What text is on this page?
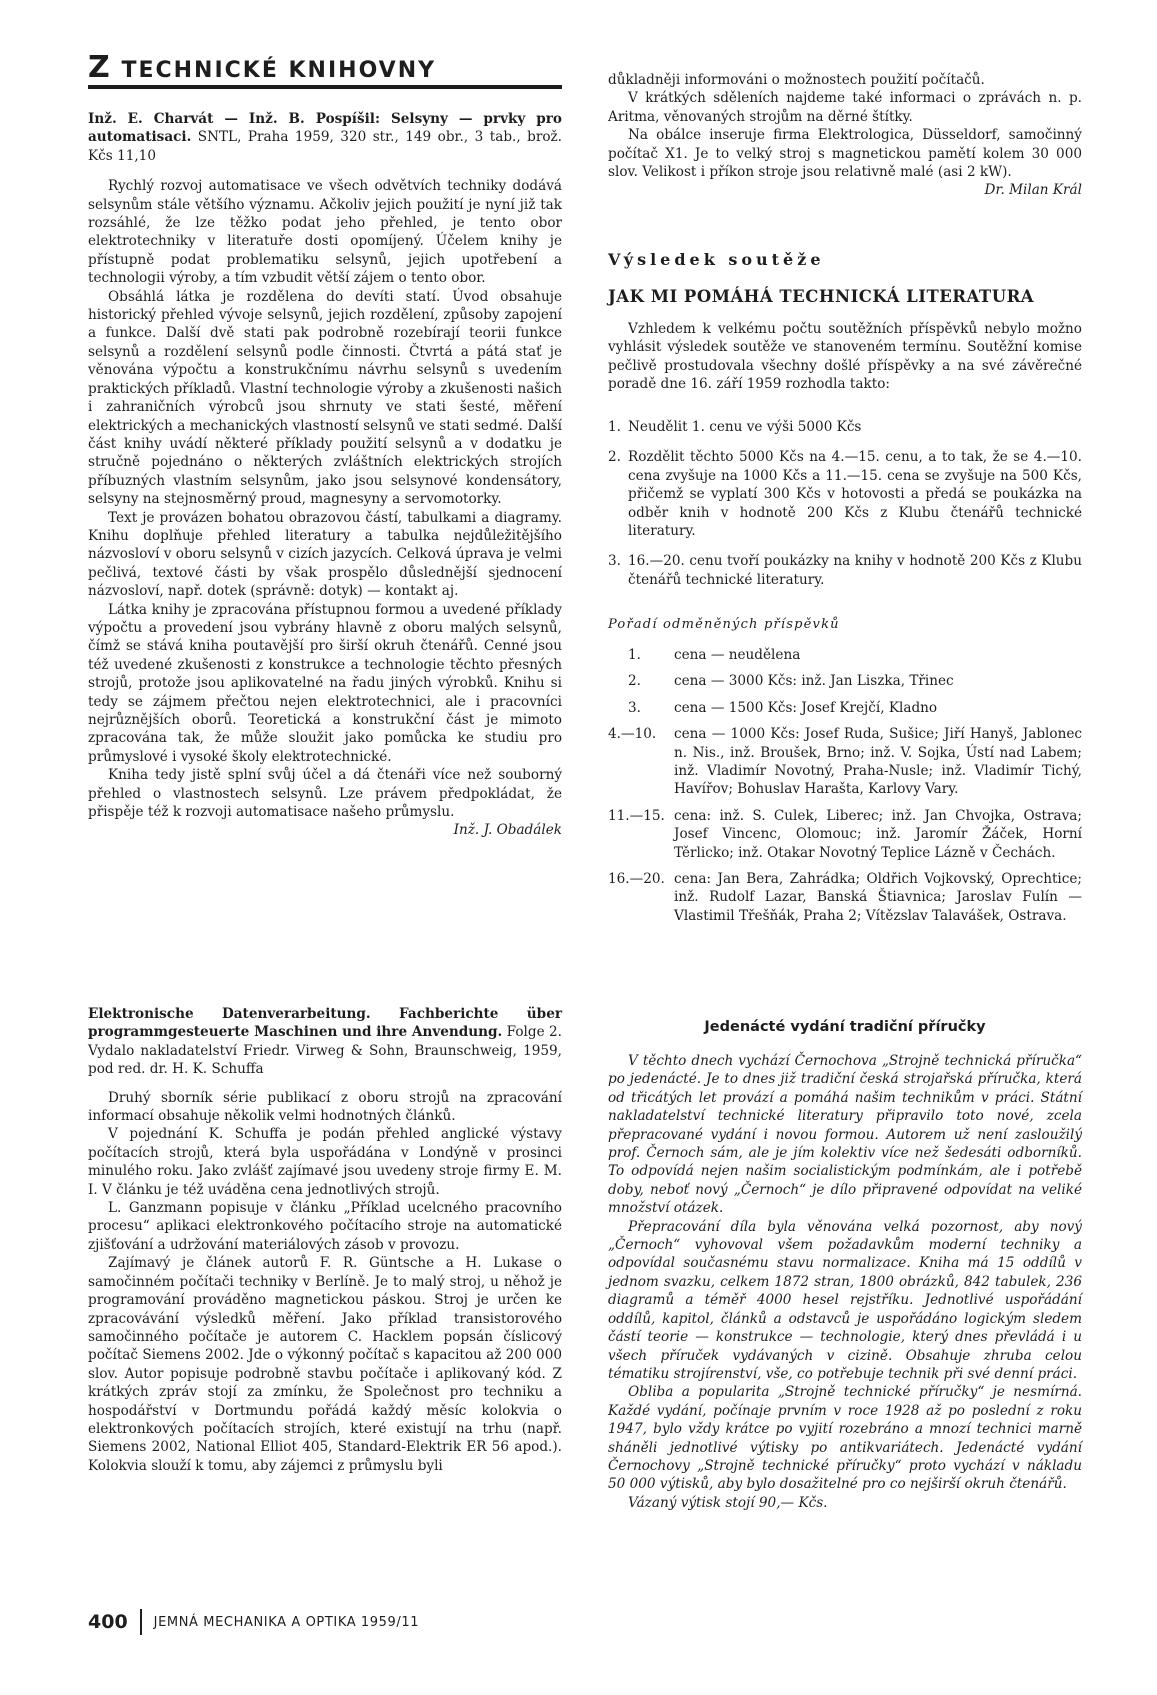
Z TECHNICKÉ KNIHOVNY

Inž. E. Charvát — Inž. B. Pospíšil: Selsyny — prvky pro automatisaci. SNTL, Praha 1959, 320 str., 149 obr., 3 tab., brož. Kčs 11,10

Rychlý rozvoj automatisace ve všech odvětvích techniky dodává selsynům stále většího významu. Ačkoliv jejich použití je nyní již tak rozsáhlé, že lze těžko podat jeho přehled, je tento obor elektrotechniky v literatuře dosti opomíjený. Účelem knihy je přístupně podat problematiku selsynů, jejich upotřebení a technologii výroby, a tím vzbudit větší zájem o tento obor.

Obsáhlá látka je rozdělena do devíti statí. Úvod obsahuje historický přehled vývoje selsynů, jejich rozdělení, způsoby zapojení a funkce. Další dvě stati pak podrobně rozebírají teorii funkce selsynů a rozdělení selsynů podle činnosti. Čtvrtá a pátá stať je věnována výpočtu a konstrukčnímu návrhu selsynů s uvedením praktických příkladů. Vlastní technologie výroby a zkušenosti našich i zahraničních výrobců jsou shrnuty ve stati šesté, měření elektrických a mechanických vlastností selsynů ve stati sedmé. Další část knihy uvádí některé příklady použití selsynů a v dodatku je stručně pojednáno o některých zvláštních elektrických strojích příbuzných vlastním selsynům, jako jsou selsynové kondensátory, selsyny na stejnosměrný proud, magnesyny a servomotorky.

Text je provázen bohatou obrazovou částí, tabulkami a diagramy. Knihu doplňuje přehled literatury a tabulka nejdůležitějšího názvosloví v oboru selsynů v cizích jazycích. Celková úprava je velmi pečlivá, textové části by však prospělo důslednější sjednocení názvosloví, např. dotek (správně: dotyk) — kontakt aj.

Látka knihy je zpracována přístupnou formou a uvedené příklady výpočtu a provedení jsou vybrány hlavně z oboru malých selsynů, čímž se stává kniha poutavější pro širší okruh čtenářů. Cenné jsou též uvedené zkušenosti z konstrukce a technologie těchto přesných strojů, protože jsou aplikovatelné na řadu jiných výrobků. Knihu si tedy se zájmem přečtou nejen elektrotechnici, ale i pracovníci nejrůznějších oborů. Teoretická a konstrukční část je mimoto zpracována tak, že může sloužit jako pomůcka ke studiu pro průmyslové i vysoké školy elektrotechnické.

Kniha tedy jistě splní svůj účel a dá čtenáři více než souborný přehled o vlastnostech selsynů. Lze právem předpokládat, že přispěje též k rozvoji automatisace našeho průmyslu.

Inž. J. Obadálek

Elektronische Datenverarbeitung. Fachberichte über programmgesteuerte Maschinen und ihre Anvendung. Folge 2. Vydalo nakladatelství Friedr. Virweg & Sohn, Braunschweig, 1959, pod red. dr. H. K. Schuffa

Druhý sborník série publikací z oboru strojů na zpracování informací obsahuje několik velmi hodnotných článků.

V pojednání K. Schuffa je podán přehled anglické výstavy počítacích strojů, která byla uspořádána v Londýně v prosinci minulého roku. Jako zvlášť zajímavé jsou uvedeny stroje firmy E. M. I. V článku je též uváděna cena jednotlivých strojů.

L. Ganzmann popisuje v článku „Příklad ucelcného pracovního procesu“ aplikaci elektronkového počítacího stroje na automatické zjišťování a udržování materiálových zásob v provozu.

Zajímavý je článek autorů F. R. Güntsche a H. Lukase o samočinném počítači techniky v Berlíně. Je to malý stroj, u něhož je programování prováděno magnetickou páskou. Stroj je určen ke zpracovávání výsledků měření. Jako příklad transistorového samočinného počítače je autorem C. Hacklem popsán číslicový počítač Siemens 2002. Jde o výkonný počítač s kapacitou až 200 000 slov. Autor popisuje podrobně stavbu počítače i aplikovaný kód. Z krátkých zpráv stojí za zmínku, že Společnost pro techniku a hospodářství v Dortmundu pořádá každý měsíc kolokvia o elektronkových počítacích strojích, které existují na trhu (např. Siemens 2002, National Elliot 405, Standard-Elektrik ER 56 apod.). Kolokvia slouží k tomu, aby zájemci z průmyslu byli

důkladněji informováni o možnostech použití počítačů.

V krátkých sděleních najdeme také informaci o zprávách n. p. Aritma, věnovaných strojům na děrné štítky.

Na obálce inseruje firma Elektrologica, Düsseldorf, samočinný počítač X1. Je to velký stroj s magnetickou pamětí kolem 30 000 slov. Velikost i příkon stroje jsou relativně malé (asi 2 kW).

Dr. Milan Král

Výsledek soutěže

JAK MI POMÁHÁ TECHNICKÁ LITERATURA

Vzhledem k velkému počtu soutěžních příspěvků nebylo možno vyhlásit výsledek soutěže ve stanoveném termínu. Soutěžní komise pečlivě prostudovala všechny došlé příspěvky a na své závěrečné poradě dne 16. září 1959 rozhodla takto:

1. Neudělit 1. cenu ve výši 5000 Kčs
2. Rozdělit těchto 5000 Kčs na 4.—15. cenu, a to tak, že se 4.—10. cena zvyšuje na 1000 Kčs a 11.—15. cena se zvyšuje na 500 Kčs, přičemž se vyplatí 300 Kčs v hotovosti a předá se poukázka na odběr knih v hodnotě 200 Kčs z Klubu čtenářů technické literatury.
3. 16.—20. cenu tvoří poukázky na knihy v hodnotě 200 Kčs z Klubu čtenářů technické literatury.

Pořadí odměněných příspěvků

1. cena — neudělena
2. cena — 3000 Kčs: inž. Jan Liszka, Třinec
3. cena — 1500 Kčs: Josef Krejčí, Kladno
4.—10. cena — 1000 Kčs: Josef Ruda, Sušice; Jiří Hanyš, Jablonec n. Nis., inž. Broušek, Brno; inž. V. Sojka, Ústí nad Labem; inž. Vladimír Novotný, Praha-Nusle; inž. Vladimír Tichý, Havířov; Bohuslav Harašta, Karlovy Vary.
11.—15. cena: inž. S. Culek, Liberec; inž. Jan Chvojka, Ostrava; Josef Vincenc, Olomouc; inž. Jaromír Žáček, Horní Těrlicko; inž. Otakar Novotný Teplice Lázně v Čechách.
16.—20. cena: Jan Bera, Zahrádka; Oldřich Vojkovský, Oprechtice; inž. Rudolf Lazar, Banská Štiavnica; Jaroslav Fulín — Vlastimil Třešňák, Praha 2; Vítězslav Talavášek, Ostrava.
Jedenácté vydání tradiční příručky

V těchto dnech vychází Černochova „Strojně technická příručka“ po jedenácté. Je to dnes již tradiční česká strojařská příručka, která od třicátých let provází a pomáhá našim technikům v práci. Státní nakladatelství technické literatury připravilo toto nové, zcela přepracované vydání i novou formou. Autorem už není zasloužilý prof. Černoch sám, ale je jím kolektiv více než šedesáti odborníků. To odpovídá nejen našim socialistickým podmínkám, ale i potřebě doby, neboť nový „Černoch“ je dílo připravené odpovídat na veliké množství otázek.

Přepracování díla byla věnována velká pozornost, aby nový „Černoch“ vyhovoval všem požadavkům moderní techniky a odpovídal současnému stavu normalizace. Kniha má 15 oddílů v jednom svazku, celkem 1872 stran, 1800 obrázků, 842 tabulek, 236 diagramů a téměř 4000 hesel rejstříku. Jednotlivé uspořádání oddílů, kapitol, článků a odstavců je uspořádáno logickým sledem částí teorie — konstrukce — technologie, který dnes převládá i u všech příruček vydávaných v cizině. Obsahuje zhruba celou tématiku strojírenství, vše, co potřebuje technik při své denní práci.

Obliba a popularita „Strojně technické příručky“ je nesmírná. Každé vydání, počínaje prvním v roce 1928 až po poslední z roku 1947, bylo vždy krátce po vyjití rozebráno a mnozí technici marně sháněli jednotlivé výtisky po antikvariátech. Jedenácté vydání Černochovy „Strojně technické příručky“ proto vychází v nákladu 50 000 výtisků, aby bylo dosažitelné pro co nejširší okruh čtenářů.

Vázaný výtisk stojí 90,— Kčs.

400 JEMNÁ MECHANIKA A OPTIKA 1959/11
